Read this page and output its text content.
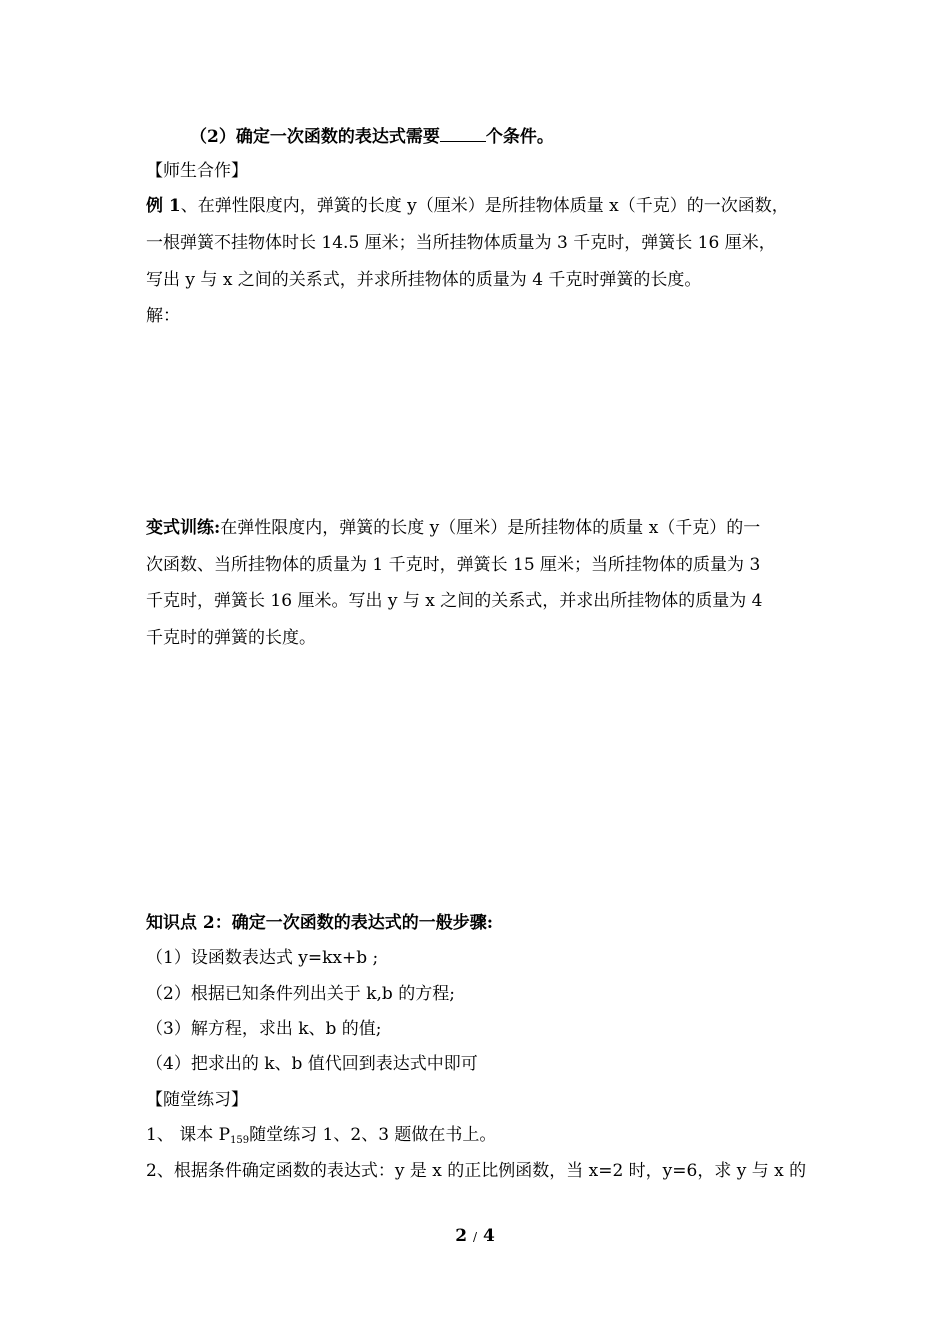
（2）确定一次函数的表达式需要	个条件。
【师生合作】
例 1、在弹性限度内，弹簧的长度 y（厘米）是所挂物体质量 x（千克）的一次函数，
一根弹簧不挂物体时长 14.5 厘米；当所挂物体质量为 3 千克时，弹簧长 16 厘米，
写出 y 与 x 之间的关系式，并求所挂物体的质量为 4 千克时弹簧的长度。
解：
变式训练:在弹性限度内，弹簧的长度 y（厘米）是所挂物体的质量 x（千克）的一
次函数、当所挂物体的质量为 1 千克时，弹簧长 15 厘米；当所挂物体的质量为 3
千克时，弹簧长 16 厘米。写出 y 与 x 之间的关系式，并求出所挂物体的质量为 4
千克时的弹簧的长度。
知识点 2：确定一次函数的表达式的一般步骤:
（1）设函数表达式 y=kx+b ;
（2）根据已知条件列出关于 k,b 的方程;
（3）解方程，求出 k、b 的值;
（4）把求出的 k、b 值代回到表达式中即可
【随堂练习】
1、 课本 $P_{159}$随堂练习 1、2、3 题做在书上。
2、根据条件确定函数的表达式：y 是 x 的正比例函数，当 x=2 时，y=6，求 y 与 x 的
2 / 4
